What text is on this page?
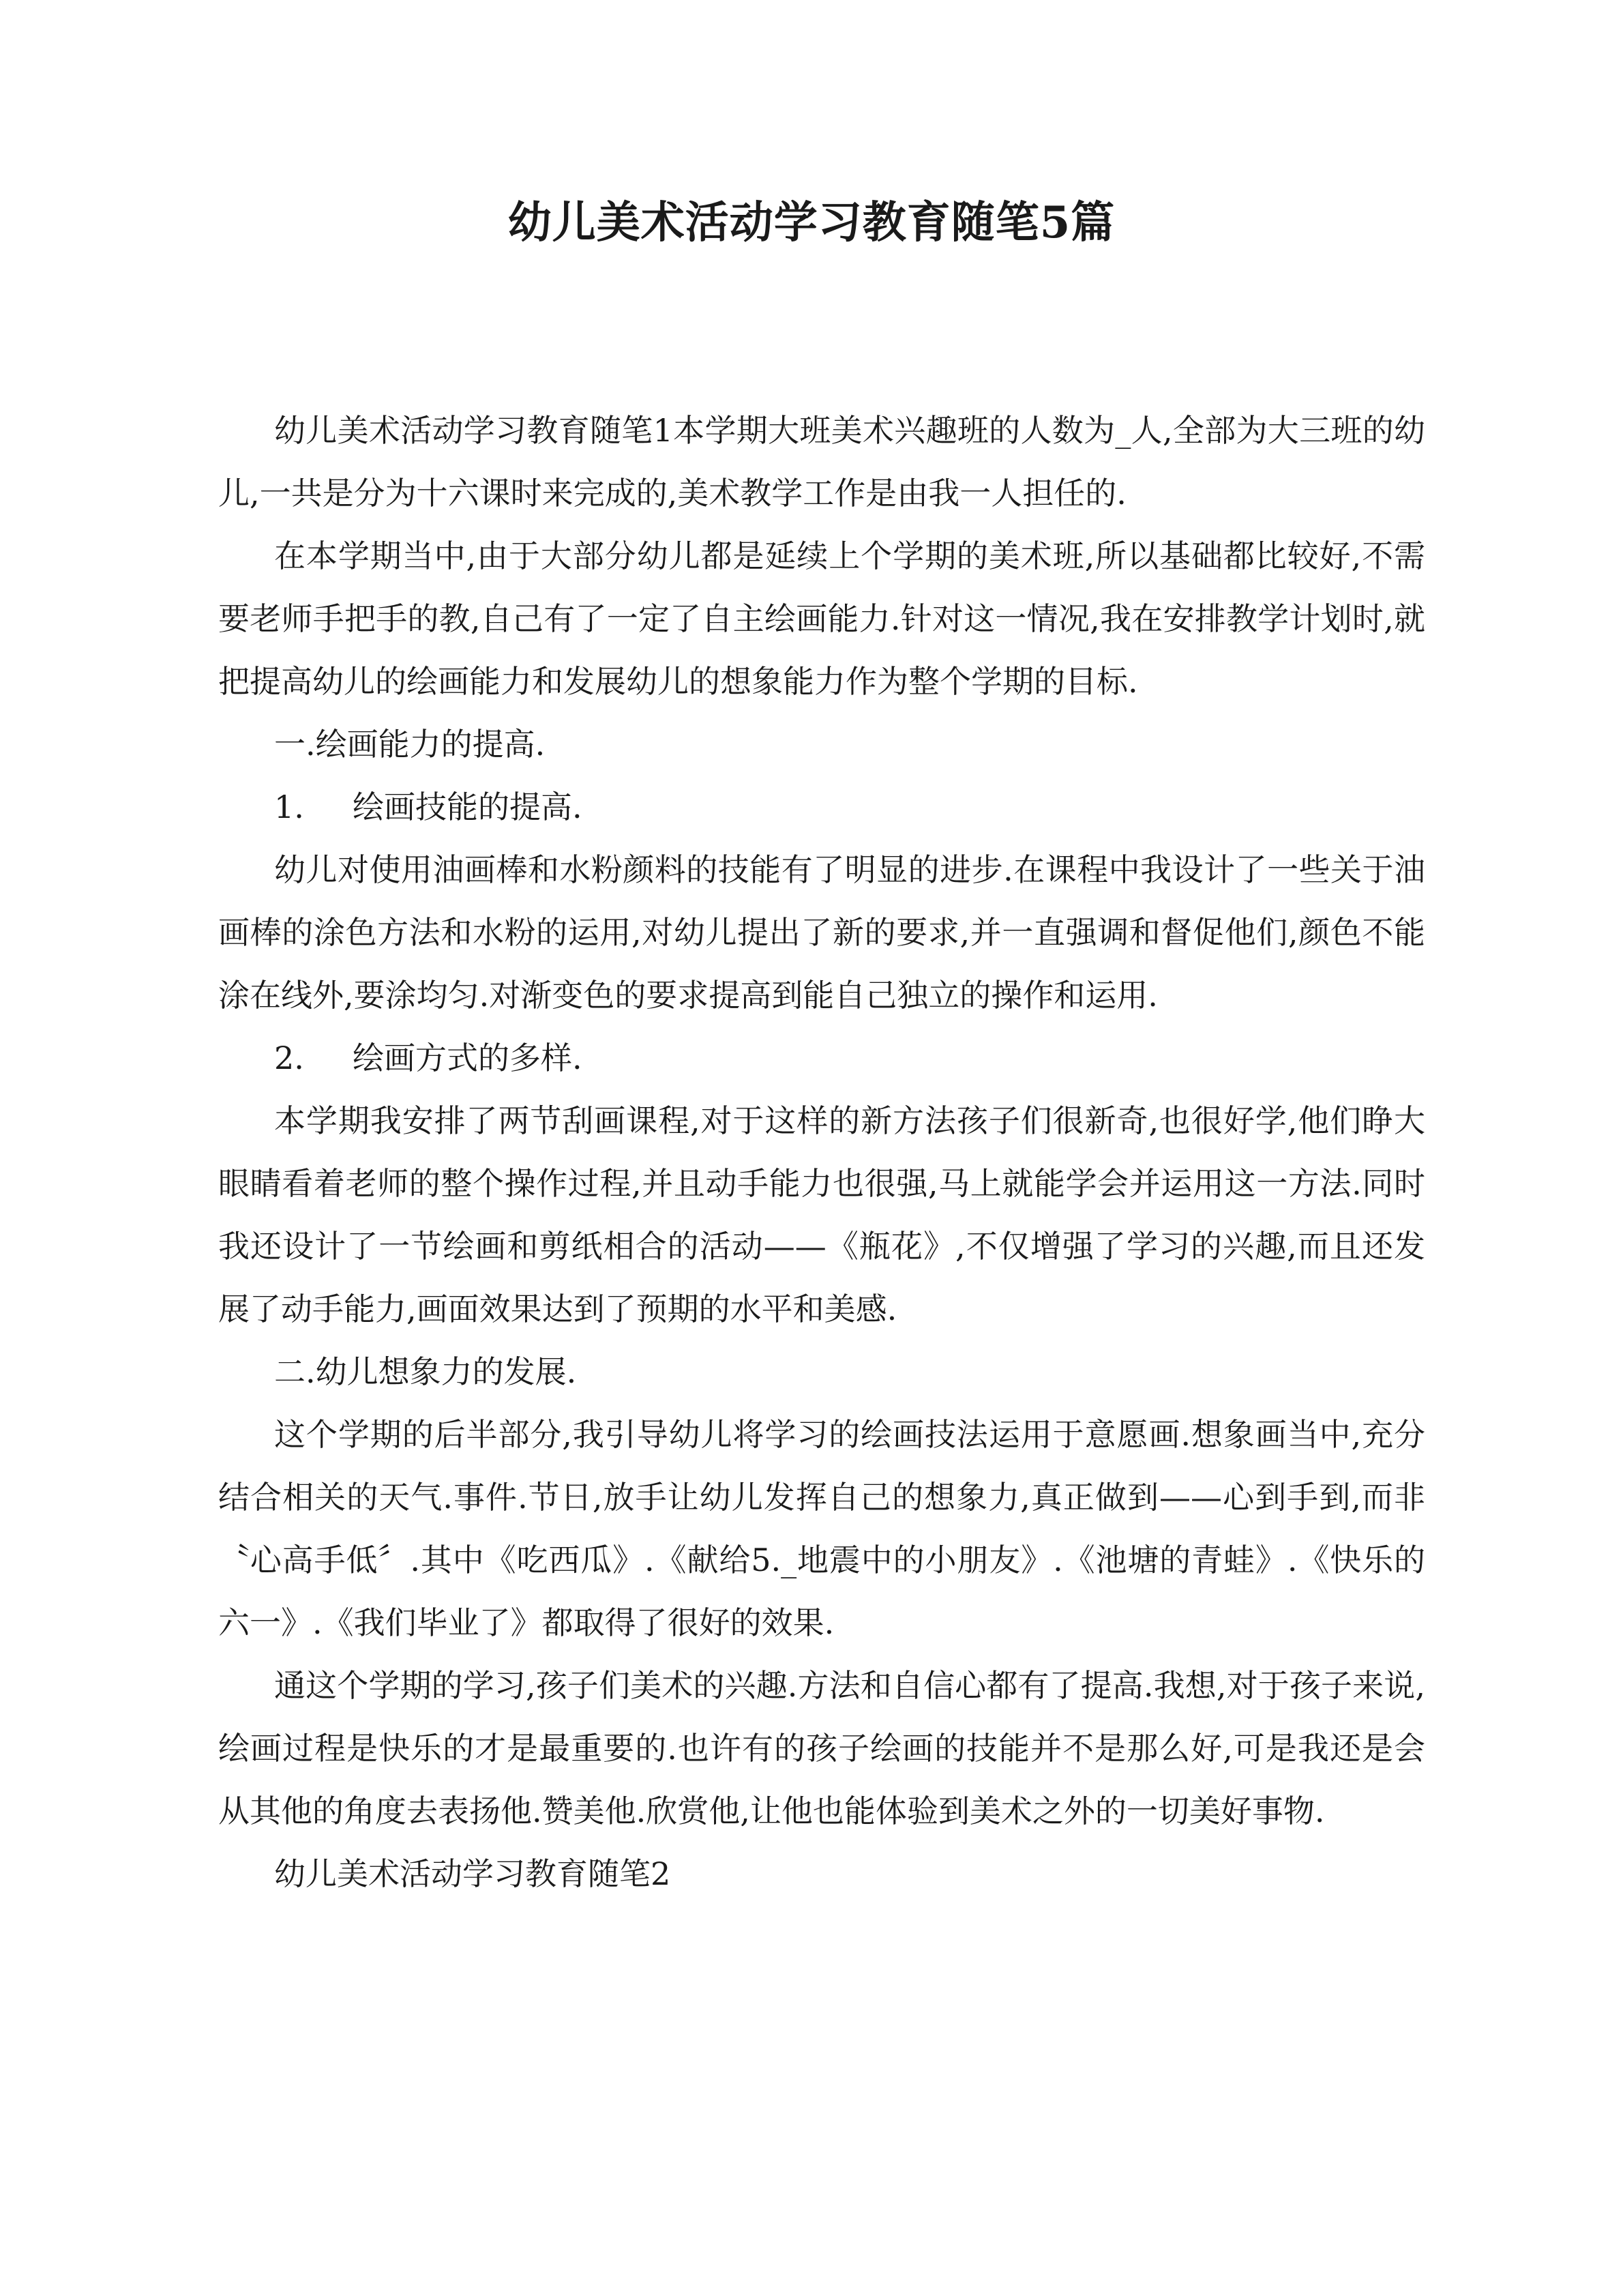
幼儿美术活动学习教育随笔5篇

幼儿美术活动学习教育随笔1本学期大班美术兴趣班的人数为_人,全部为大三班的幼儿,一共是分为十六课时来完成的,美术教学工作是由我一人担任的.

在本学期当中,由于大部分幼儿都是延续上个学期的美术班,所以基础都比较好,不需要老师手把手的教,自己有了一定了自主绘画能力.针对这一情况,我在安排教学计划时,就把提高幼儿的绘画能力和发展幼儿的想象能力作为整个学期的目标.

一.绘画能力的提高.

1. 绘画技能的提高.

幼儿对使用油画棒和水粉颜料的技能有了明显的进步.在课程中我设计了一些关于油画棒的涂色方法和水粉的运用,对幼儿提出了新的要求,并一直强调和督促他们,颜色不能涂在线外,要涂均匀.对渐变色的要求提高到能自己独立的操作和运用.

2. 绘画方式的多样.

本学期我安排了两节刮画课程,对于这样的新方法孩子们很新奇,也很好学,他们睁大眼睛看着老师的整个操作过程,并且动手能力也很强,马上就能学会并运用这一方法.同时我还设计了一节绘画和剪纸相合的活动——《瓶花》,不仅增强了学习的兴趣,而且还发展了动手能力,画面效果达到了预期的水平和美感.

二.幼儿想象力的发展.

这个学期的后半部分,我引导幼儿将学习的绘画技法运用于意愿画.想象画当中,充分结合相关的天气.事件.节日,放手让幼儿发挥自己的想象力,真正做到——心到手到,而非〝心高手低〞.其中《吃西瓜》.《献给5._地震中的小朋友》.《池塘的青蛙》.《快乐的六一》.《我们毕业了》都取得了很好的效果.

通这个学期的学习,孩子们美术的兴趣.方法和自信心都有了提高.我想,对于孩子来说,绘画过程是快乐的才是最重要的.也许有的孩子绘画的技能并不是那么好,可是我还是会从其他的角度去表扬他.赞美他.欣赏他,让他也能体验到美术之外的一切美好事物.

幼儿美术活动学习教育随笔2
